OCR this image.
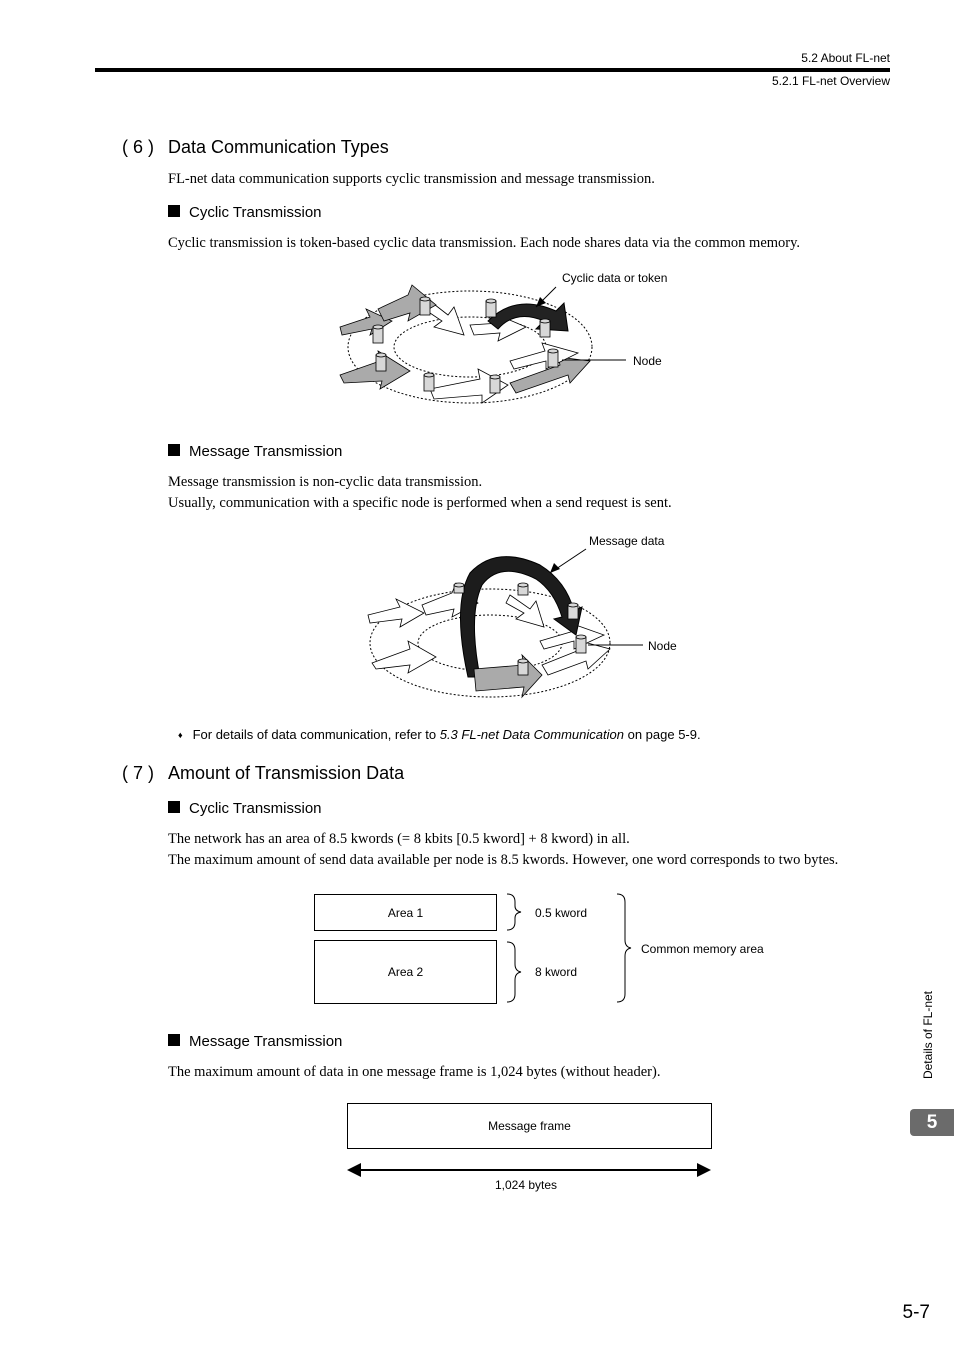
5.2 About FL-net
5.2.1 FL-net Overview
( 6 ) Data Communication Types
FL-net data communication supports cyclic transmission and message transmission.
Cyclic Transmission
Cyclic transmission is token-based cyclic data transmission. Each node shares data via the common memory.
Cyclic data or token
Node
Message Transmission
Message transmission is non-cyclic data transmission.
Usually, communication with a specific node is performed when a send request is sent.
Message data
Node
♦ For details of data communication, refer to 5.3 FL-net Data Communication on page 5-9.
( 7 ) Amount of Transmission Data
Cyclic Transmission
The network has an area of 8.5 kwords (= 8 kbits [0.5 kword] + 8 kword) in all.
The maximum amount of send data available per node is 8.5 kwords. However, one word corresponds to two bytes.
Area 1
Area 2
0.5 kword
8 kword
Common memory area
Message Transmission
The maximum amount of data in one message frame is 1,024 bytes (without header).
Message frame
1,024 bytes
Details of FL-net
5
5-7
